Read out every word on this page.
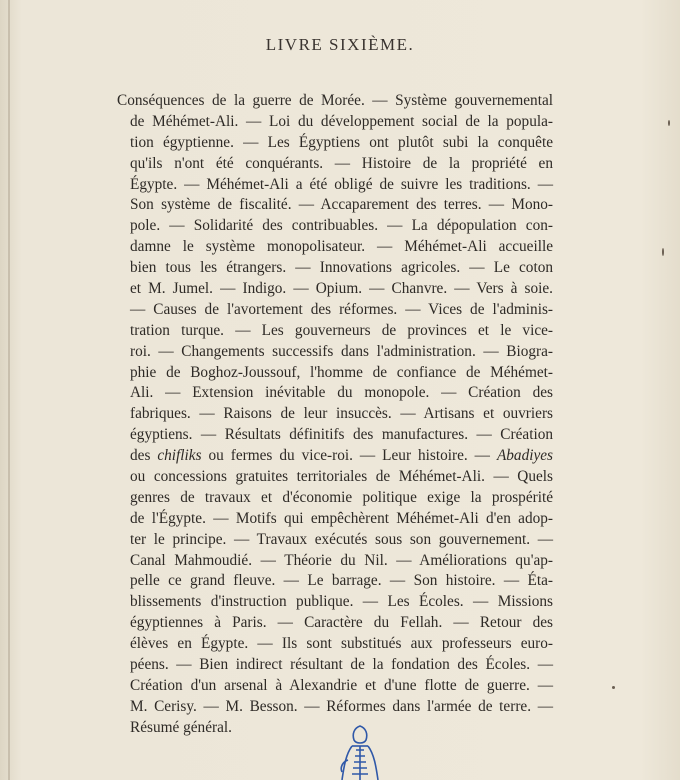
LIVRE SIXIÈME.
Conséquences de la guerre de Morée. — Système gouvernemental
de Méhémet-Ali. — Loi du développement social de la popula-
tion égyptienne. — Les Égyptiens ont plutôt subi la conquête
qu'ils n'ont été conquérants. — Histoire de la propriété en
Égypte. — Méhémet-Ali a été obligé de suivre les traditions. —
Son système de fiscalité. — Accaparement des terres. — Mono-
pole. — Solidarité des contribuables. — La dépopulation con-
damne le système monopolisateur. — Méhémet-Ali accueille
bien tous les étrangers. — Innovations agricoles. — Le coton
et M. Jumel. — Indigo. — Opium. — Chanvre. — Vers à soie.
— Causes de l'avortement des réformes. — Vices de l'adminis-
tration turque. — Les gouverneurs de provinces et le vice-
roi. — Changements successifs dans l'administration. — Biogra-
phie de Boghoz-Joussouf, l'homme de confiance de Méhémet-
Ali. — Extension inévitable du monopole. — Création des
fabriques. — Raisons de leur insuccès. — Artisans et ouvriers
égyptiens. — Résultats définitifs des manufactures. — Création
des chifliks ou fermes du vice-roi. — Leur histoire. — Abadiyes
ou concessions gratuites territoriales de Méhémet-Ali. — Quels
genres de travaux et d'économie politique exige la prospérité
de l'Égypte. — Motifs qui empêchèrent Méhémet-Ali d'en adop-
ter le principe. — Travaux exécutés sous son gouvernement. —
Canal Mahmoudié. — Théorie du Nil. — Améliorations qu'ap-
pelle ce grand fleuve. — Le barrage. — Son histoire. — Éta-
blissements d'instruction publique. — Les Écoles. — Missions
égyptiennes à Paris. — Caractère du Fellah. — Retour des
élèves en Égypte. — Ils sont substitués aux professeurs euro-
péens. — Bien indirect résultant de la fondation des Écoles. —
Création d'un arsenal à Alexandrie et d'une flotte de guerre. —
M. Cerisy. — M. Besson. — Réformes dans l'armée de terre. —
Résumé général.
